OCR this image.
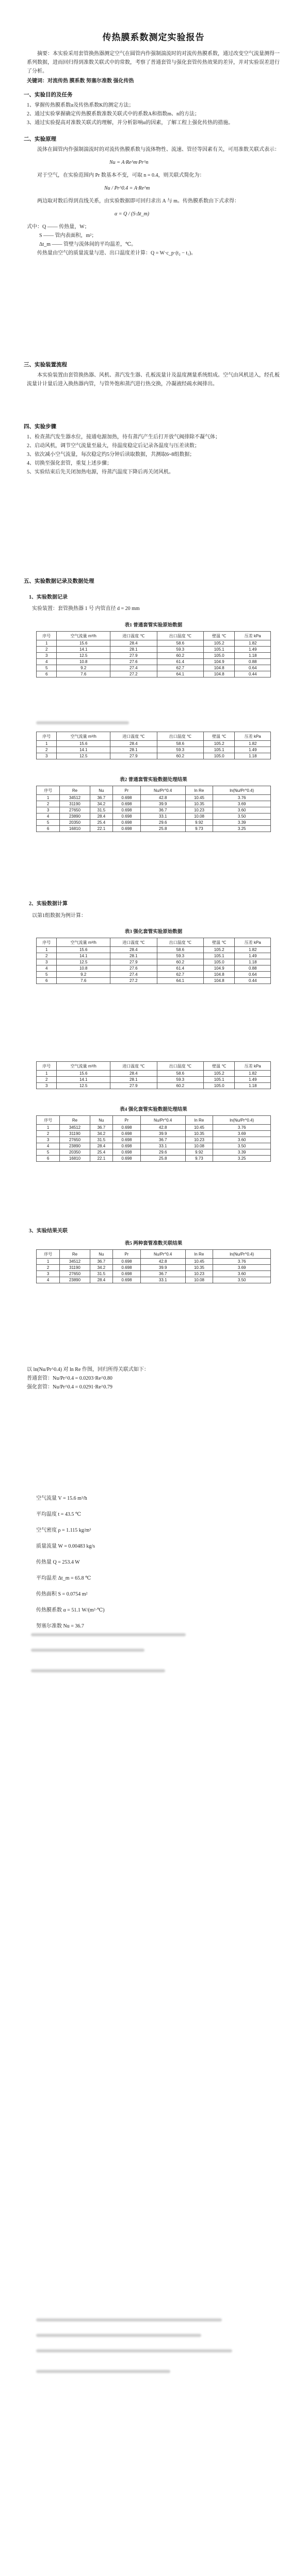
传热膜系数测定实验报告

摘要：本实验采用套管换热器测定空气在圆管内作强制湍流时的对流传热膜系数，通过改变空气流量测得一系列数据，进而回归得到准数关联式中的常数，考察了普通套管与强化套管传热效果的差异，并对实验误差进行了分析。

关键词：对流传热 膜系数 努塞尔准数 强化传热

一、实验目的及任务
1、掌握传热膜系数α及传热系数K的测定方法；
2、通过实验掌握确定传热膜系数准数关联式中的系数A和指数m、n的方法；
3、通过实验提高对准数关联式的理解，并分析影响α的因素，了解工程上强化传热的措施。
二、实验原理

流体在圆管内作强制湍流时的对流传热膜系数与流体物性、流速、管径等因素有关，可用准数关联式表示：

Nu = A·Re^m·Pr^n

对于空气，在实验范围内 Pr 数基本不变，可取 n = 0.4，则关联式简化为：

Nu / Pr^0.4 = A·Re^m

两边取对数后得到直线关系，由实验数据即可回归求出 A 与 m。传热膜系数由下式求得：

α = Q / (S·Δt_m)
式中：Q —— 传热量，W；
S —— 管内表面积，m²；
Δt_m —— 管壁与流体间的平均温差，℃。

传热量由空气的质量流量与进、出口温度差计算：Q = W·c_p·(t₂ − t₁)。

三、实验装置流程

本实验装置由套管换热器、风机、蒸汽发生器、孔板流量计及温度测量系统组成。空气由风机送入，经孔板流量计计量后进入换热器内管，与管外饱和蒸汽进行热交换，冷凝液经疏水阀排出。

四、实验步骤
1、检查蒸汽发生器水位，接通电源加热，待有蒸汽产生后打开放气阀排除不凝气体；
2、启动风机，调节空气流量至最大，待温度稳定后记录各温度与压差读数；
3、依次减小空气流量，每次稳定约5分钟后读取数据，共测取6~8组数据；
4、切换至强化套管，重复上述步骤；
5、实验结束后先关闭加热电源，待蒸汽温度下降后再关闭风机。
五、实验数据记录及数据处理
1、实验数据记录
实验装置：套管换热器 1 号 内管直径 d = 20 mm
表1 普通套管实验原始数据
序号	空气流量 m³/h	进口温度 ℃	出口温度 ℃	壁温 ℃	压差 kPa
1	15.6	28.4	58.6	105.2	1.82
2	14.1	28.1	59.3	105.1	1.49
3	12.5	27.9	60.2	105.0	1.18
4	10.8	27.6	61.4	104.9	0.88
5	9.2	27.4	62.7	104.8	0.64
6	7.6	27.2	64.1	104.8	0.44
序号	空气流量 m³/h	进口温度 ℃	出口温度 ℃	壁温 ℃	压差 kPa
1	15.6	28.4	58.6	105.2	1.82
2	14.1	28.1	59.3	105.1	1.49
3	12.5	27.9	60.2	105.0	1.18
表2 普通套管实验数据处理结果
序号	Re	Nu	Pr	Nu/Pr^0.4	ln Re	ln(Nu/Pr^0.4)
1	34512	36.7	0.698	42.8	10.45	3.76
2	31190	34.2	0.698	39.9	10.35	3.69
3	27650	31.5	0.698	36.7	10.23	3.60
4	23890	28.4	0.698	33.1	10.08	3.50
5	20350	25.4	0.698	29.6	9.92	3.39
6	16810	22.1	0.698	25.8	9.73	3.25
2、实验数据计算
以第1组数据为例计算：
表3 强化套管实验原始数据
序号	空气流量 m³/h	进口温度 ℃	出口温度 ℃	壁温 ℃	压差 kPa
1	15.6	28.4	58.6	105.2	1.82
2	14.1	28.1	59.3	105.1	1.49
3	12.5	27.9	60.2	105.0	1.18
4	10.8	27.6	61.4	104.9	0.88
5	9.2	27.4	62.7	104.8	0.64
6	7.6	27.2	64.1	104.8	0.44
序号	空气流量 m³/h	进口温度 ℃	出口温度 ℃	壁温 ℃	压差 kPa
1	15.6	28.4	58.6	105.2	1.82
2	14.1	28.1	59.3	105.1	1.49
3	12.5	27.9	60.2	105.0	1.18
表4 强化套管实验数据处理结果
序号	Re	Nu	Pr	Nu/Pr^0.4	ln Re	ln(Nu/Pr^0.4)
1	34512	36.7	0.698	42.8	10.45	3.76
2	31190	34.2	0.698	39.9	10.35	3.69
3	27650	31.5	0.698	36.7	10.23	3.60
4	23890	28.4	0.698	33.1	10.08	3.50
5	20350	25.4	0.698	29.6	9.92	3.39
6	16810	22.1	0.698	25.8	9.73	3.25
3、实验结果关联
表5 两种套管准数关联结果
序号	Re	Nu	Pr	Nu/Pr^0.4	ln Re	ln(Nu/Pr^0.4)
1	34512	36.7	0.698	42.8	10.45	3.76
2	31190	34.2	0.698	39.9	10.35	3.69
3	27650	31.5	0.698	36.7	10.23	3.60
4	23890	28.4	0.698	33.1	10.08	3.50
以 ln(Nu/Pr^0.4) 对 ln Re 作图，回归所得关联式如下：
普通套管：Nu/Pr^0.4 = 0.0203·Re^0.80
强化套管：Nu/Pr^0.4 = 0.0291·Re^0.79
空气流量 V = 15.6 m³/h
平均温度 t = 43.5 ℃
空气密度 ρ = 1.115 kg/m³
质量流量 W = 0.00483 kg/s
传热量 Q = 253.4 W
平均温差 Δt_m = 65.8 ℃
传热面积 S = 0.0754 m²
传热膜系数 α = 51.1 W/(m²·℃)
努塞尔准数 Nu = 36.7
